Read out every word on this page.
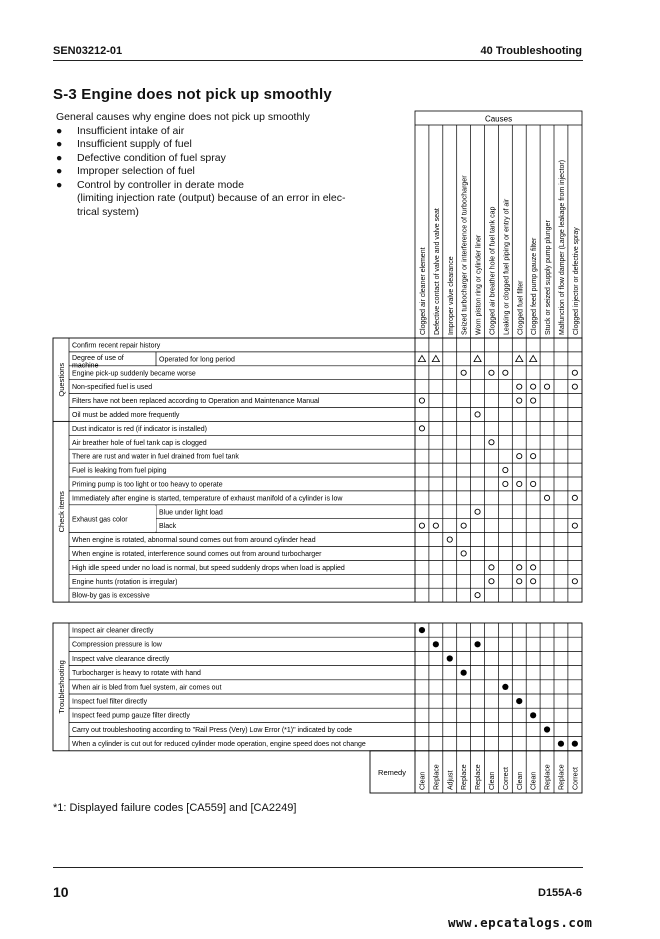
SEN03212-01	40 Troubleshooting
S-3 Engine does not pick up smoothly
General causes why engine does not pick up smoothly
● Insufficient intake of air
● Insufficient supply of fuel
● Defective condition of fuel spray
● Improper selection of fuel
● Control by controller in derate mode
(limiting injection rate (output) because of an error in elec-
trical system)
Causes
Clogged air cleaner element Defective contact of valve and valve seat Improper valve clearance Seized turbocharger or interference of turbocharger Worn piston ring or cylinder liner Clogged air breather hole of fuel tank cap Leaking or clogged fuel piping or entry of air Clogged fuel filter Clogged feed pump gauze filter Stuck or seized supply pump plunger Malfunction of flow damper (Large leakage from injector) Clogged injector or defective spray
Confirm recent repair history
Degree of use of
machine
Operated for long period
Engine pick-up suddenly became worse
Non-specified fuel is used
Filters have not been replaced according to Operation and Maintenance Manual
Oil must be added more frequently
Dust indicator is red (if indicator is installed)
Air breather hole of fuel tank cap is clogged
There are rust and water in fuel drained from fuel tank
Fuel is leaking from fuel piping
Priming pump is too light or too heavy to operate
Immediately after engine is started, temperature of exhaust manifold of a cylinder is low
Blue under light load
Black
When engine is rotated, abnormal sound comes out from around cylinder head
When engine is rotated, interference sound comes out from around turbocharger
High idle speed under no load is normal, but speed suddenly drops when load is applied
Engine hunts (rotation is irregular)
Blow-by gas is excessive
Questions
Check items Exhaust gas color
Inspect air cleaner directly
Compression pressure is low
Inspect valve clearance directly
Turbocharger is heavy to rotate with hand
When air is bled from fuel system, air comes out
Inspect fuel filter directly
Inspect feed pump gauze filter directly
Carry out troubleshooting according to "Rail Press (Very) Low Error (*1)" indicated by code
When a cylinder is cut out for reduced cylinder mode operation, engine speed does not change
Troubleshooting
Remedy Clean Replace Adjust Replace Replace Clean Correct Clean Clean Replace Replace Correct
*1: Displayed failure codes [CA559] and [CA2249]
10	D155A-6
www.epcatalogs.com
